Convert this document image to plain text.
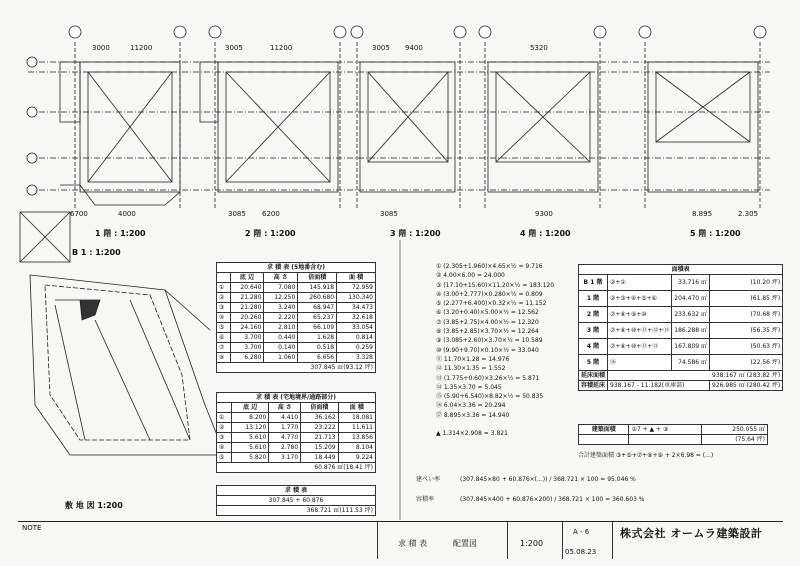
3000	11200
6700	4000
3005	11200
3085 6200
3005 9400
3085
5320
9300	8.895	2.305
1 階 : 1:200	2 階 : 1:200	3 階 : 1:200	4 階 : 1:200	5 階 : 1:200
B 1 : 1:200
敷 地 図 1:200
求 積 表 (5地番含む)				
	底 辺	高 さ	倍面積	面 積
①	20.640	7.080	145.918	72.959
②	21.280	12.250	260.680	130.340
③	21.280	3.240	68.947	34.473
④	20.260	2.220	65.237	32.618
⑤	24.160	2.810	66.109	33.054
⑥	3.700	0.440	1.628	0.814
⑦	3.700	0.140	0.518	0.259
⑧	6.280	1.060	6.656	3.328
307.845 ㎡(93.12 坪)				
求 積 表 (宅地境界/通路部分)				
	底 辺	高 さ	倍面積	面 積
①	8.200	4.410	36.162	18.081
②	13.120	1.770	23.222	11.611
③	5.610	4.770	21.713	13.856
④	5.610	2.780	15.209	8.104
⑤	5.820	3.170	18.449	9.224
60.876 ㎡(18.41 坪)				
求 積 表
307.845 + 60.876
368.721 ㎡(111.53 坪)
① (2.305+1.960)×4.65×½ = 9.716
② 4.00×6.00 = 24.000
③ (17.10+15.60)×11.20×½ = 183.120
④ (3.00+2.777)×0.280×½ = 0.809
⑤ (2.277+6.400)×0.32×½ = 11.152
⑥ (3.20+0.40)×5.00×½ = 12.562
⑦ (3.85+2.75)×4.00×½ = 12.320
⑧ (3.85+2.85)×3.70×½ = 12.264
⑨ (3.085+2.60)×3.70×½ = 10.589
⑩ (9.90+9.70)×0.10×½ = 33.040
⑪ 11.70×1.28 = 14.976
⑫ 11.30×1.35 = 1.552
⑬ (1.775+0.60)×3.26×½ = 5.871
⑭ 1.35×3.70 = 5.045
⑮ (5.90+6.540)×8.82×½ = 50.835
⑯ 6.04×3.36 = 20.294
⑰ 8.895×3.36 = 14.940
▲ 1.314×2.908 = 3.821
面積表			
B 1 階	②+①	33.716 ㎡	(10.20 坪)
1 階	②+③+④+⑤+⑥	204.470 ㎡	(61.85 坪)
2 階	⑦+⑧+⑨+⑩	233.632 ㎡	(70.68 坪)
3 階	⑦+⑧+⑩+⑪+⑫+⑬	186.288 ㎡	(56.35 坪)
4 階	⑦+⑧+⑩+⑪+⑬	167.809 ㎡	(50.63 坪)
5 階	⑯	74.586 ㎡	(22.56 坪)
延床面積	938.167 ㎡ (283.82 坪)		
容積延床	938.167 - 11.182(車庫部)		926.985 ㎡ (280.42 坪)
建築面積	②7 + ▲ + ⑨	250.055 ㎡
		(75.64 坪)
合計建築面積 ③+⑤+⑦+⑧+⑨ + 2×6.98 = (...)
建ぺい率	(307.845×80 + 60.876×(...)) / 368.721 × 100 = 95.046 %
容積率	(307.845×400 + 60.876×200) / 368.721 × 100 = 360.603 %
NOTE
求 積 表	配置図	1:200
A - 6
05.08.23
株式会社 オームラ建築設計
